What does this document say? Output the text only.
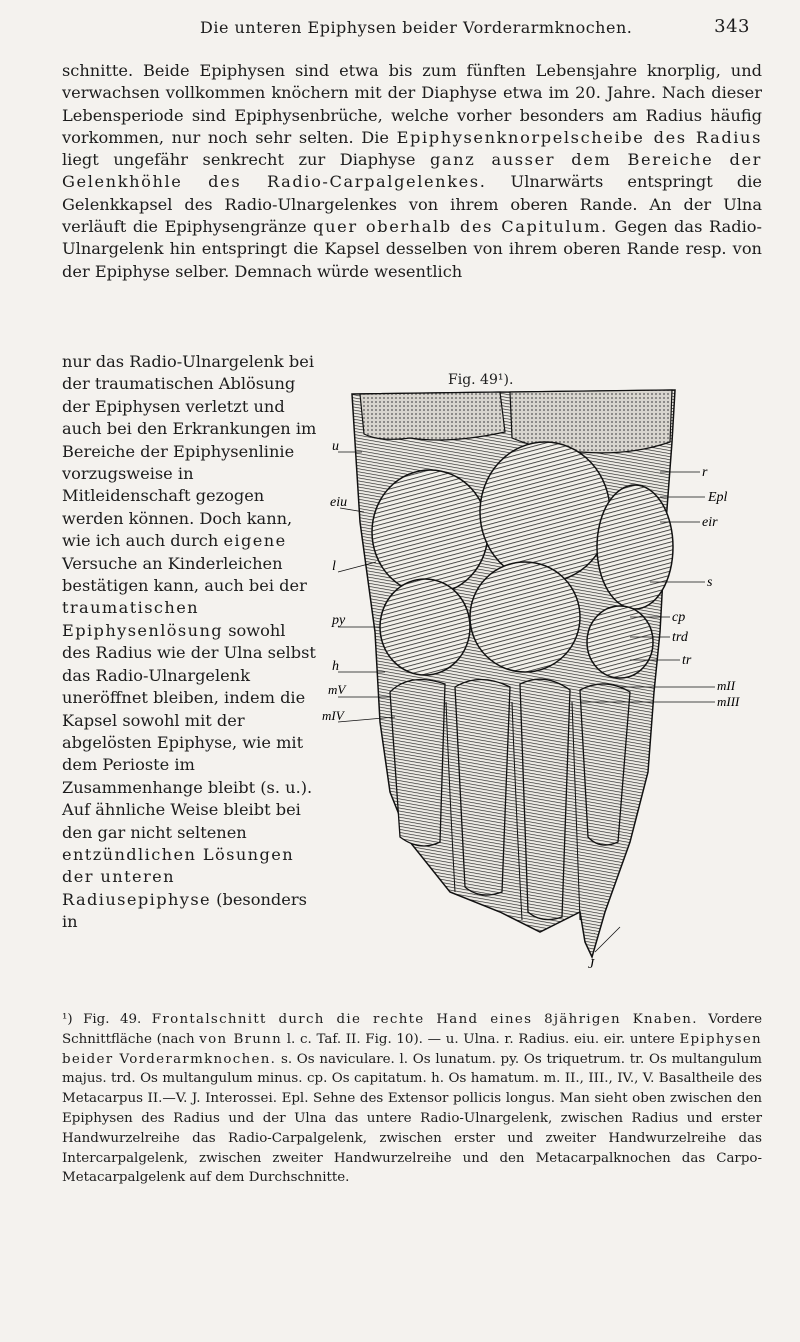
Die unteren Epiphysen beider Vorderarmknochen.	343
schnitte. Beide Epiphysen sind etwa bis zum fünften Lebensjahre knorplig, und verwachsen vollkommen knöchern mit der Diaphyse etwa im 20. Jahre. Nach dieser Lebensperiode sind Epiphysenbrüche, welche vorher besonders am Radius häufig vorkommen, nur noch sehr selten. Die Epiphysenknorpelscheibe des Radius liegt ungefähr senkrecht zur Diaphyse ganz ausser dem Bereiche der Gelenkhöhle des Radio-Carpalgelenkes. Ulnarwärts entspringt die Gelenkkapsel des Radio-Ulnargelenkes von ihrem oberen Rande. An der Ulna verläuft die Epiphysengränze quer oberhalb des Capitulum. Gegen das Radio-Ulnargelenk hin entspringt die Kapsel desselben von ihrem oberen Rande resp. von der Epiphyse selber. Demnach würde wesentlich
nur das Radio-Ulnargelenk bei der traumatischen Ablösung der Epiphysen verletzt und auch bei den Erkrankungen im Bereiche der Epiphysenlinie vorzugsweise in Mitleidenschaft gezogen werden können. Doch kann, wie ich auch durch eigene Versuche an Kinderleichen bestätigen kann, auch bei der traumatischen Epiphysenlösung sowohl des Radius wie der Ulna selbst das Radio-Ulnargelenk uneröffnet bleiben, indem die Kapsel sowohl mit der abgelösten Epiphyse, wie mit dem Periostе im Zusammenhange bleibt (s. u.). Auf ähnliche Weise bleibt bei den gar nicht seltenen entzündlichen Lösungen der unteren Radiusepiphyse (besonders in
Fig. 49¹).
u
eiu
l
py
h
mV
mIV
r
Epl
eir
s
cp
trd
tr
mII
mIII
J
¹) Fig. 49. Frontalschnitt durch die rechte Hand eines 8jährigen Knaben. Vordere Schnittfläche (nach von Brunn l. c. Taf. II. Fig. 10). — u. Ulna. r. Radius. eiu. eir. untere Epiphysen beider Vorderarmknochen. s. Os naviculare. l. Os lunatum. py. Os triquetrum. tr. Os multangulum majus. trd. Os multangulum minus. cp. Os capitatum. h. Os hamatum. m. II., III., IV., V. Basaltheile des Metacarpus II.—V. J. Interossei. Epl. Sehne des Extensor pollicis longus. Man sieht oben zwischen den Epiphysen des Radius und der Ulna das untere Radio-Ulnargelenk, zwischen Radius und erster Handwurzelreihe das Radio-Carpalgelenk, zwischen erster und zweiter Handwurzelreihe das Intercarpalgelenk, zwischen zweiter Handwurzelreihe und den Metacarpalknochen das Carpo-Metacarpalgelenk auf dem Durchschnitte.
